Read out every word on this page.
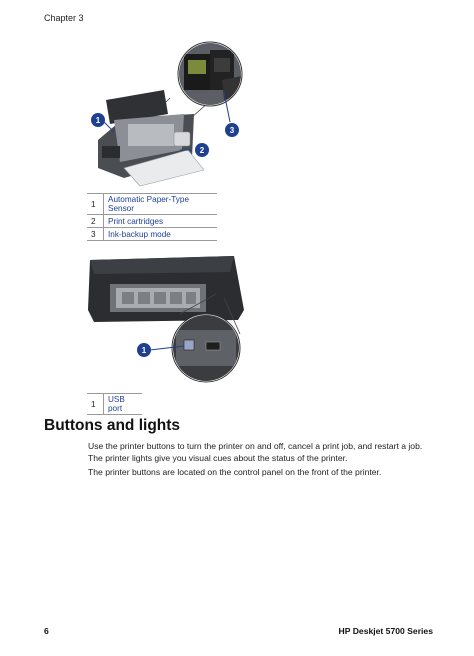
Chapter 3
1
2
3
1	Automatic Paper-Type Sensor
2	Print cartridges
3	Ink-backup mode
1
1	USB port
Buttons and lights

Use the printer buttons to turn the printer on and off, cancel a print job, and restart a job. The printer lights give you visual cues about the status of the printer.

The printer buttons are located on the control panel on the front of the printer.

6	HP Deskjet 5700 Series
